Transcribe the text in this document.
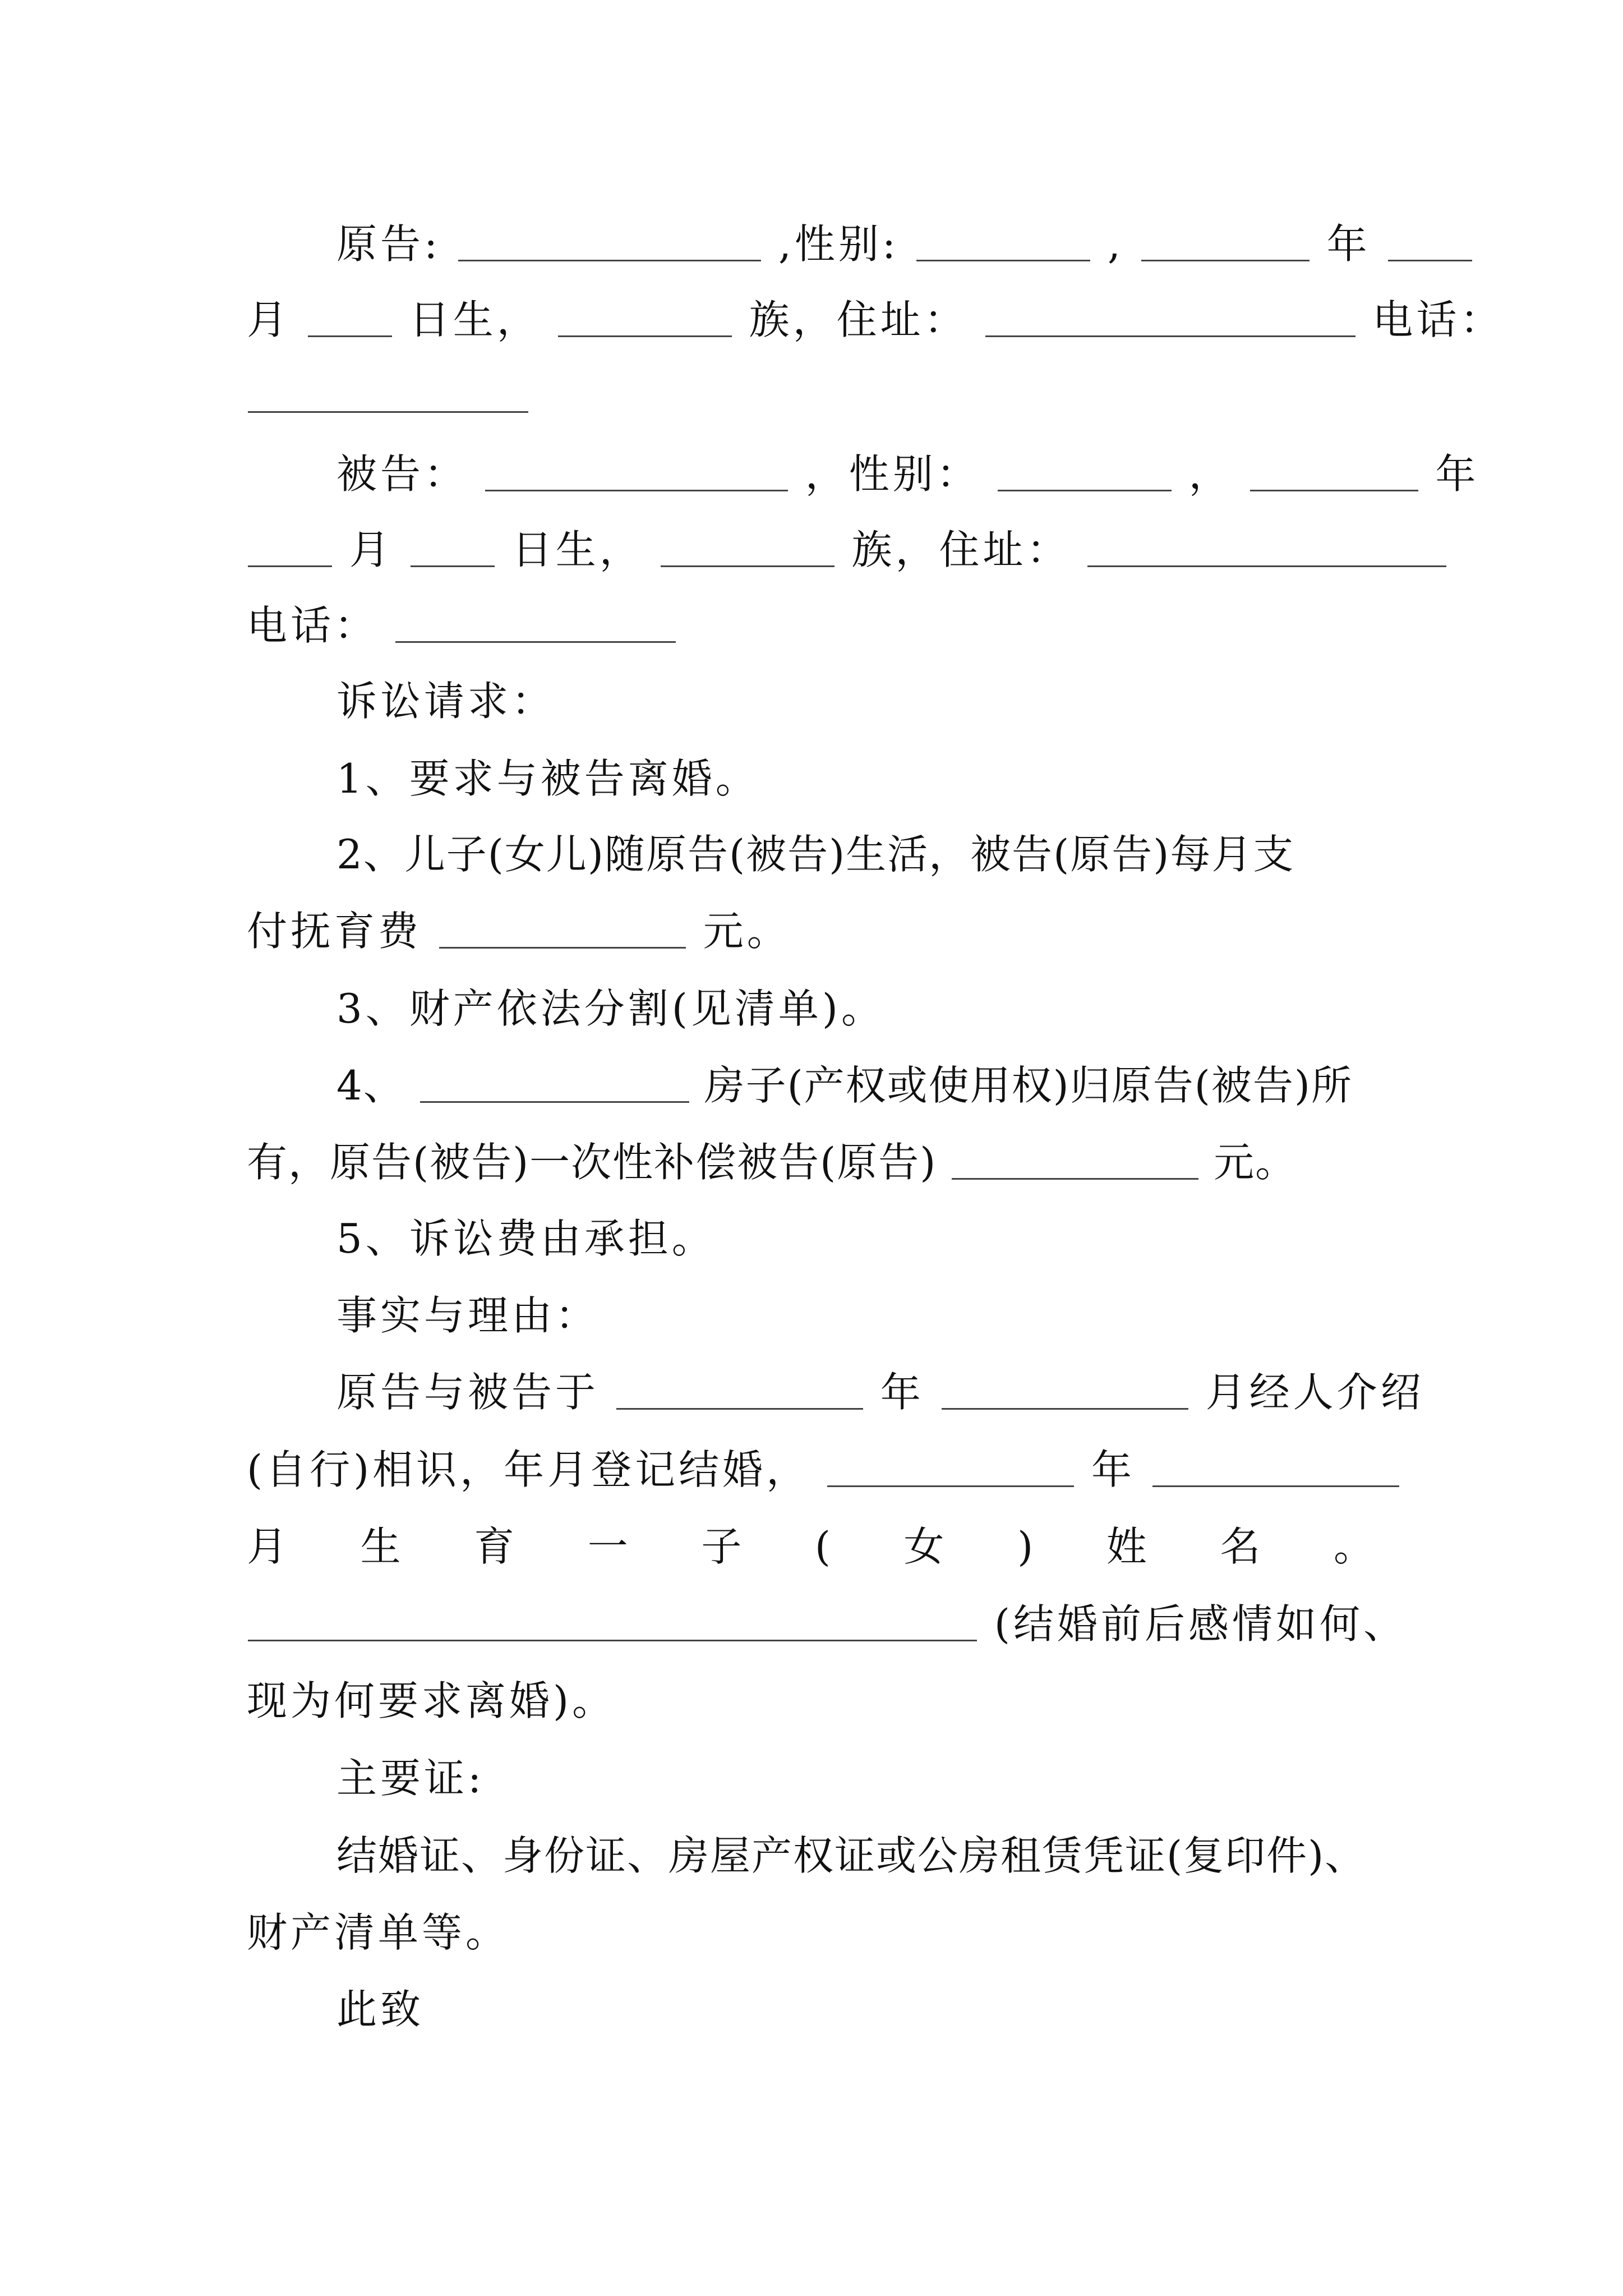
原告:	,性别:	,	年
月	日生，	族，住址：	电话：
被告：	，性别：	，	年
月	日生，	族，住址：
电话：
诉讼请求：
1、要求与被告离婚。
2、儿子(女儿)随原告(被告)生活，被告(原告)每月支
付抚育费	元。
3、财产依法分割(见清单)。
4、	房子(产权或使用权)归原告(被告)所
有，原告(被告)一次性补偿被告(原告)	元。
5、诉讼费由承担。
事实与理由：
原告与被告于	年	月经人介绍
(自行)相识，年月登记结婚，	年
月 生 育 一 子 ( 女 ) 姓 名 。
(结婚前后感情如何、
现为何要求离婚)。
主要证:
结婚证、身份证、房屋产权证或公房租赁凭证(复印件)、
财产清单等。
此致
